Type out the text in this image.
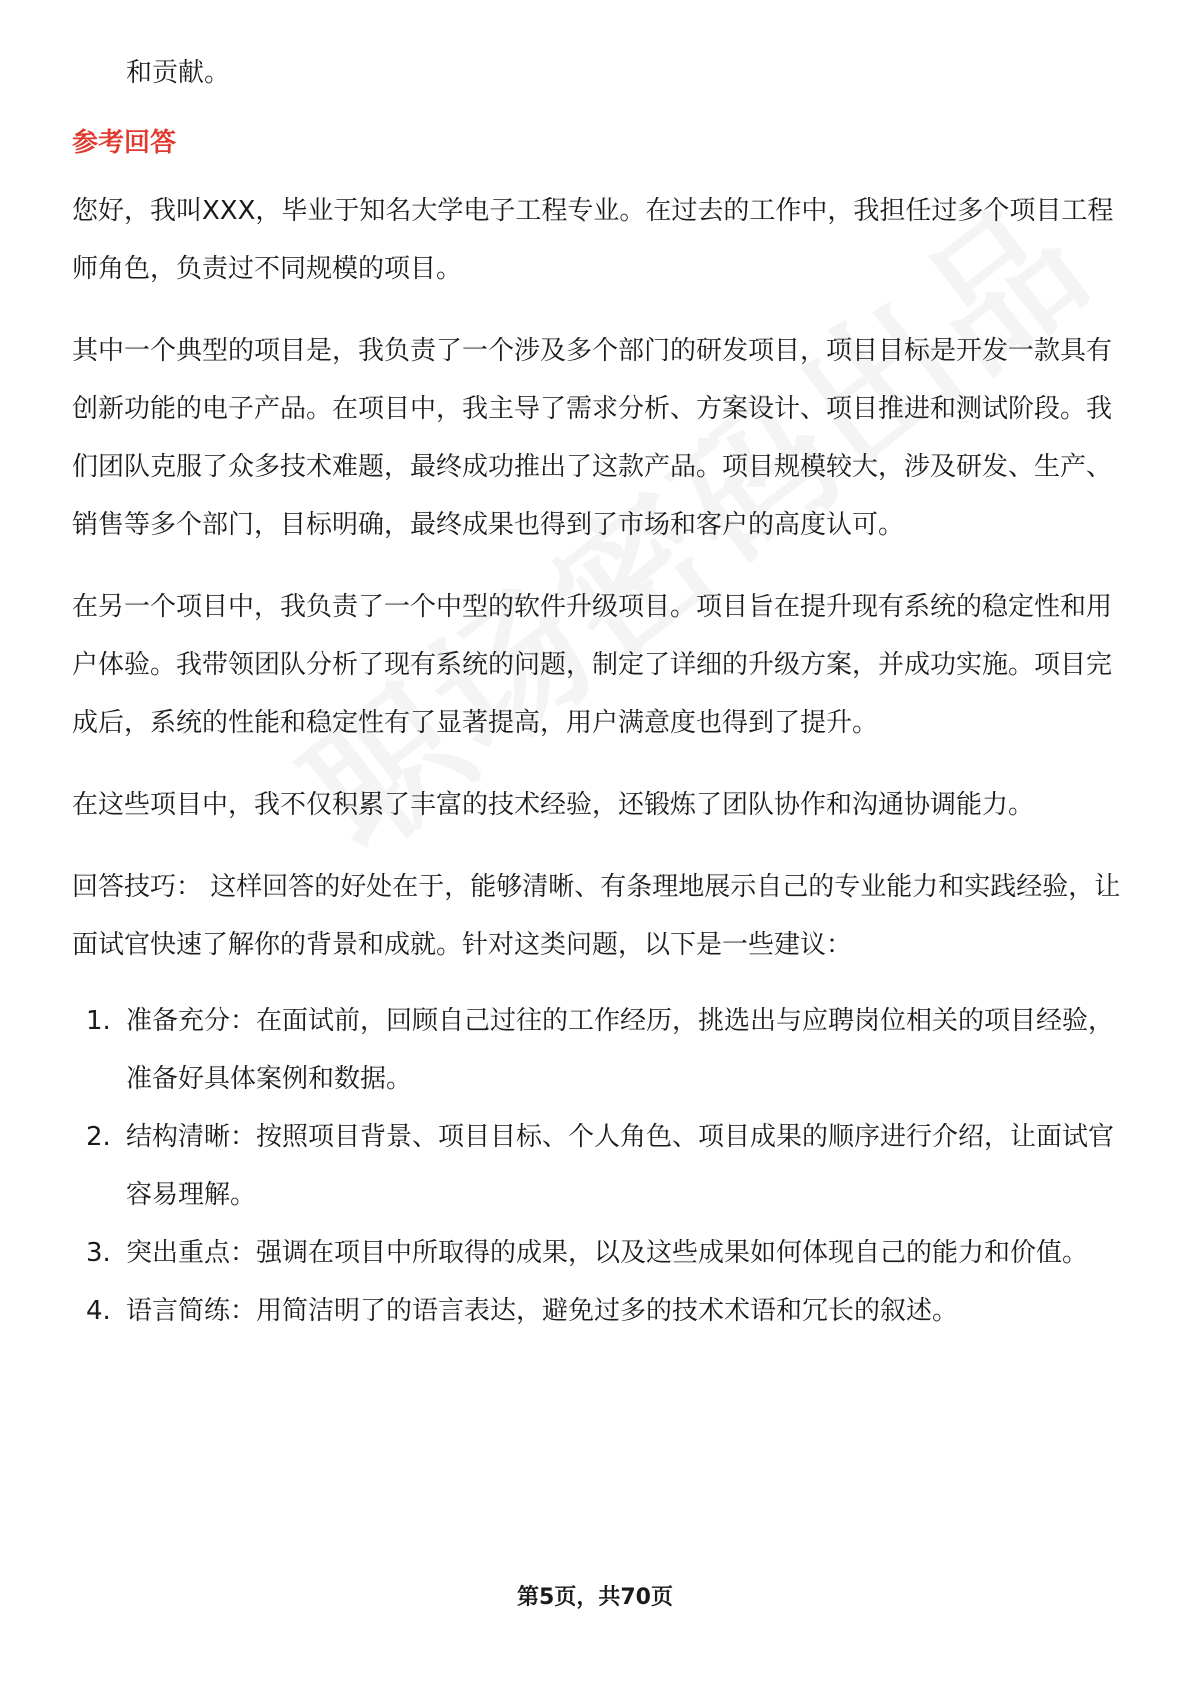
和贡献。

参考回答

您好，我叫XXX，毕业于知名大学电子工程专业。在过去的工作中，我担任过多个项目工程师角色，负责过不同规模的项目。

其中一个典型的项目是，我负责了一个涉及多个部门的研发项目，项目目标是开发一款具有创新功能的电子产品。在项目中，我主导了需求分析、方案设计、项目推进和测试阶段。我们团队克服了众多技术难题，最终成功推出了这款产品。项目规模较大，涉及研发、生产、销售等多个部门，目标明确，最终成果也得到了市场和客户的高度认可。

在另一个项目中，我负责了一个中型的软件升级项目。项目旨在提升现有系统的稳定性和用户体验。我带领团队分析了现有系统的问题，制定了详细的升级方案，并成功实施。项目完成后，系统的性能和稳定性有了显著提高，用户满意度也得到了提升。

在这些项目中，我不仅积累了丰富的技术经验，还锻炼了团队协作和沟通协调能力。

回答技巧： 这样回答的好处在于，能够清晰、有条理地展示自己的专业能力和实践经验，让面试官快速了解你的背景和成就。针对这类问题，以下是一些建议：

1. 准备充分：在面试前，回顾自己过往的工作经历，挑选出与应聘岗位相关的项目经验，准备好具体案例和数据。
2. 结构清晰：按照项目背景、项目目标、个人角色、项目成果的顺序进行介绍，让面试官容易理解。
3. 突出重点：强调在项目中所取得的成果，以及这些成果如何体现自己的能力和价值。
4. 语言简练：用简洁明了的语言表达，避免过多的技术术语和冗长的叙述。
第5页，共70页
